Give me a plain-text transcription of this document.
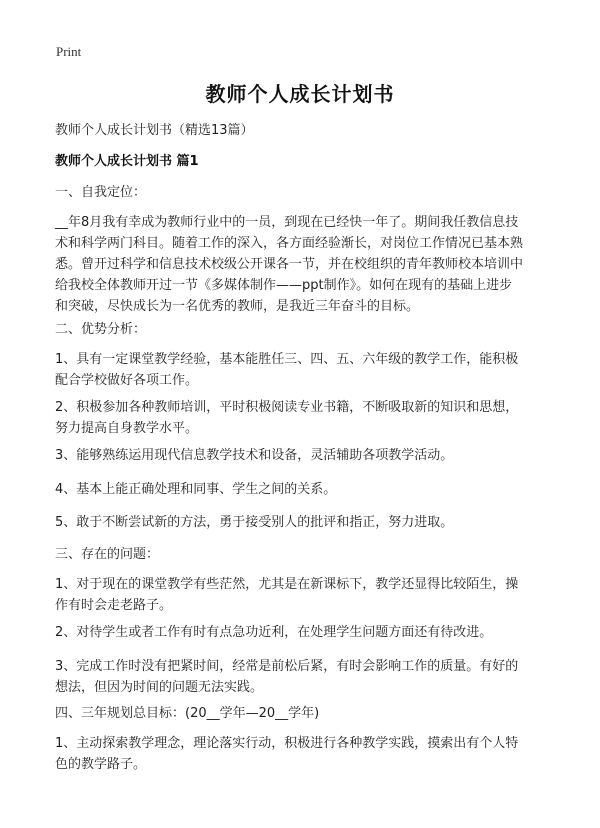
Print
教师个人成长计划书

教师个人成长计划书（精选13篇）

教师个人成长计划书 篇1

一、自我定位：

__年8月我有幸成为教师行业中的一员，到现在已经快一年了。期间我任教信息技
术和科学两门科目。随着工作的深入，各方面经验渐长，对岗位工作情况已基本熟
悉。曾开过科学和信息技术校级公开课各一节，并在校组织的青年教师校本培训中
给我校全体教师开过一节《多媒体制作——ppt制作》。如何在现有的基础上进步
和突破，尽快成长为一名优秀的教师，是我近三年奋斗的目标。

二、优势分析：

1、具有一定课堂教学经验，基本能胜任三、四、五、六年级的教学工作，能积极
配合学校做好各项工作。

2、积极参加各种教师培训，平时积极阅读专业书籍，不断吸取新的知识和思想，
努力提高自身教学水平。

3、能够熟练运用现代信息教学技术和设备，灵活辅助各项教学活动。

4、基本上能正确处理和同事、学生之间的关系。

5、敢于不断尝试新的方法，勇于接受别人的批评和指正，努力进取。

三、存在的问题：

1、对于现在的课堂教学有些茫然，尤其是在新课标下，教学还显得比较陌生，操
作有时会走老路子。

2、对待学生或者工作有时有点急功近利，在处理学生问题方面还有待改进。

3、完成工作时没有把紧时间，经常是前松后紧，有时会影响工作的质量。有好的
想法，但因为时间的问题无法实践。

四、三年规划总目标：(20__学年—20__学年)

1、主动探索教学理念，理论落实行动，积极进行各种教学实践，摸索出有个人特
色的教学路子。
